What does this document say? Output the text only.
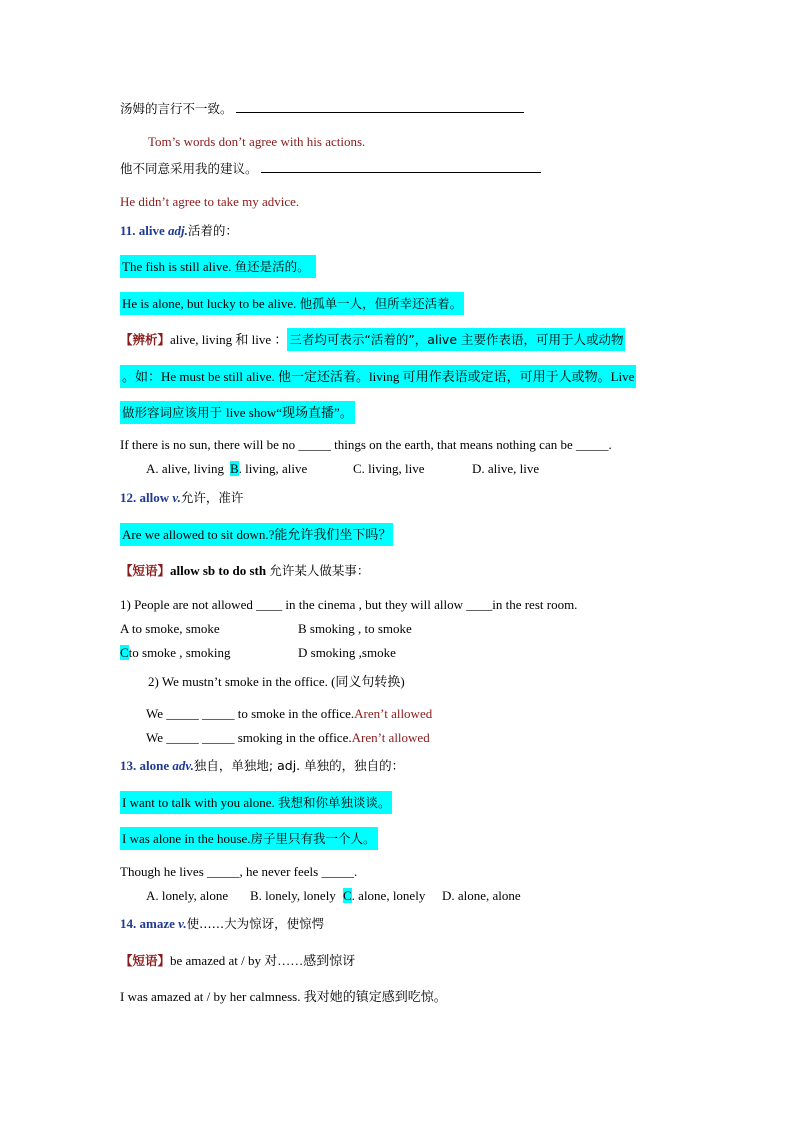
汤姆的言行不一致。
Tom’s words don’t agree with his actions.
他不同意采用我的建议。
He didn’t agree to take my advice.
11. alive adj.活着的：
The fish is still alive. 鱼还是活的。
He is alone, but lucky to be alive. 他孤单一人，但所幸还活着。
【辨析】alive, living 和 live ： 三者均可表示“活着的”，alive 主要作表语，可用于人或动物
。如：He must be still alive. 他一定还活着。living 可用作表语或定语，可用于人或物。Live
做形容词应该用于 live show“现场直播”。
If there is no sun, there will be no _____ things on the earth, that means nothing can be _____.
A. alive, living B. living, alive	C. living, live	D. alive, live
12. allow v.允许，准许
Are we allowed to sit down.?能允许我们坐下吗？
【短语】allow sb to do sth 允许某人做某事：
1) People are not allowed ____ in the cinema , but they will allow ____in the rest room.
A to smoke, smoke	B smoking , to smoke
Cto smoke , smoking	D smoking ,smoke
2) We mustn’t smoke in the office. (同义句转换)
We _____ _____ to smoke in the office.Aren’t allowed
We _____ _____ smoking in the office.Aren’t allowed
13. alone adv.独自，单独地; adj. 单独的，独自的：
I want to talk with you alone. 我想和你单独谈谈。
I was alone in the house.房子里只有我一个人。
Though he lives _____, he never feels _____.
A. lonely, alone B. lonely, lonely C. alone, lonely D. alone, alone
14. amaze v.使……大为惊讶，使惊愕
【短语】be amazed at / by 对……感到惊讶
I was amazed at / by her calmness. 我对她的镇定感到吃惊。
